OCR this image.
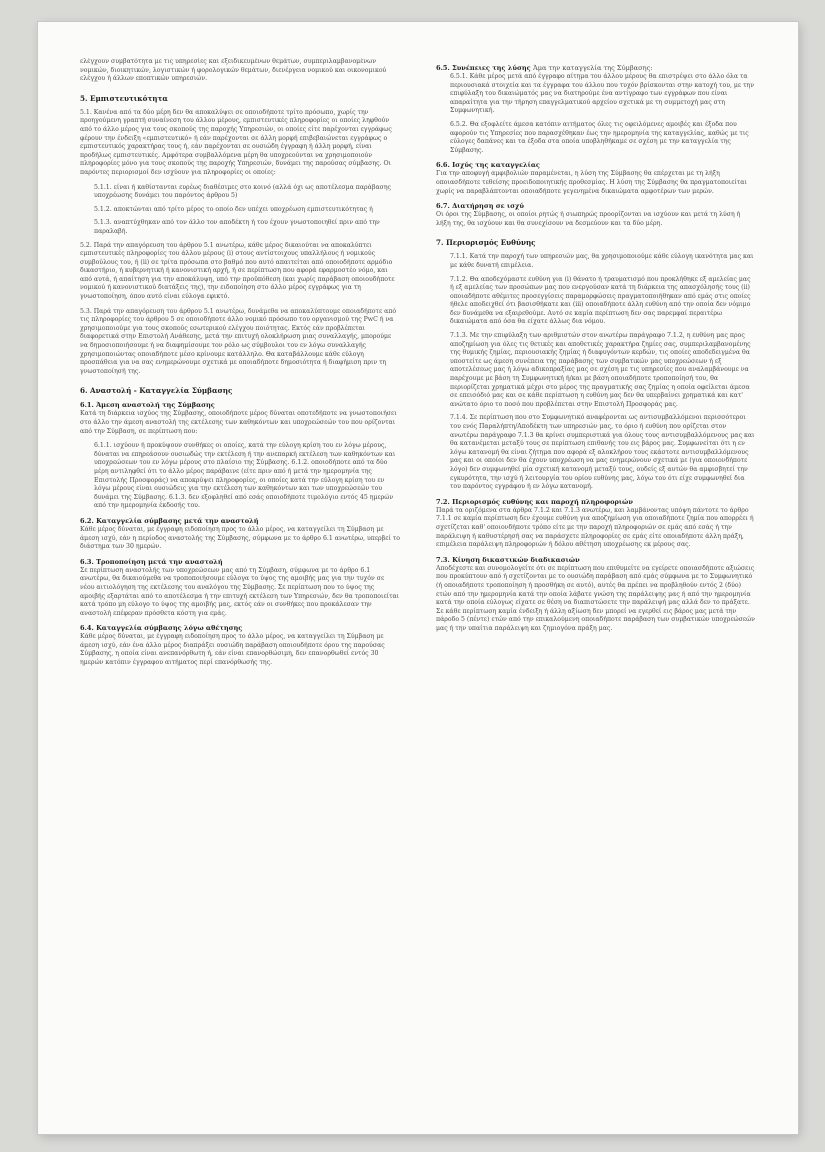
ελέγχουν συμβατότητα με τις υπηρεσίες και εξειδικευμένων θεμάτων, συμπεριλαμβανομένων νομικών, διοικητικών, λογιστικών ή φορολογικών θεμάτων, διενέργεια νομικού και οικονομικού ελέγχου ή άλλων εποπτικών υπηρεσιών.

5. Εμπιστευτικότητα

5.1. Κανένα από τα δύο μέρη δεν θα αποκαλύψει σε οποιοδήποτε τρίτο πρόσωπο, χωρίς την προηγούμενη γραπτή συναίνεση του άλλου μέρους, εμπιστευτικές πληροφορίες οι οποίες ληφθούν από το άλλο μέρος για τους σκοπούς της παροχής Υπηρεσιών, οι οποίες είτε παρέχονται εγγράφως φέρουν την ένδειξη «εμπιστευτικό» ή εάν παρέχονται σε άλλη μορφή επιβεβαιώνεται εγγράφως ο εμπιστευτικός χαρακτήρας τους ή, εάν παρέχονται σε ουσιώδη έγγραφη ή άλλη μορφή, είναι προδήλως εμπιστευτικές. Αμφότερα συμβαλλόμενα μέρη θα υποχρεούνται να χρησιμοποιούν πληροφορίες μόνο για τους σκοπούς της παροχής Υπηρεσιών, δυνάμει της παρούσας σύμβασης. Οι παρόντες περιορισμοί δεν ισχύουν για πληροφορίες οι οποίες:

5.1.1. είναι ή καθίστανται ευρέως διαθέσιμες στο κοινό (αλλά όχι ως αποτέλεσμα παράβασης υποχρέωσης δυνάμει του παρόντος άρθρου 5)

5.1.2. αποκτώνται από τρίτο μέρος το οποίο δεν υπέχει υποχρέωση εμπιστευτικότητας ή

5.1.3. αναπτύχθηκαν από τον άλλο τον αποδέκτη ή του έχουν γνωστοποιηθεί πριν από την παραλαβή.

5.2. Παρά την απαγόρευση του άρθρου 5.1 ανωτέρω, κάθε μέρος δικαιούται να αποκαλύπτει εμπιστευτικές πληροφορίες του άλλου μέρους (i) στους αντίστοιχους υπαλλήλους ή νομικούς συμβούλους του, ή (ii) σε τρίτα πρόσωπα στο βαθμό που αυτό απαιτείται από οποιοδήποτε αρμόδιο δικαστήριο, ή κυβερνητική ή κανονιστική αρχή, ή σε περίπτωση που αφορά εφαρμοστέο νόμο, και από αυτά, ή απαίτηση για την αποκάλυψη, υπό την προϋπόθεση (και χωρίς παράβαση οποιουδήποτε νομικού ή κανονιστικού διατάξεις της), την ειδοποίηση στο άλλο μέρος εγγράφως για τη γνωστοποίηση, όπου αυτό είναι εύλογα εφικτό.

5.3. Παρά την απαγόρευση του άρθρου 5.1 ανωτέρω, δυνάμεθα να αποκαλύπτουμε οποιαδήποτε από τις πληροφορίες του άρθρου 5 σε οποιοδήποτε άλλο νομικό πρόσωπο του οργανισμού της PwC ή να χρησιμοποιούμε για τους σκοπούς εσωτερικού ελέγχου ποιότητας. Εκτός εάν προβλέπεται διαφορετικά στην Επιστολή Ανάθεσης, μετά την επιτυχή ολοκλήρωση μιας συναλλαγής, μπορούμε να δημοσιοποιήσουμε ή να διαφημίσουμε τον ρόλο ως σύμβουλοι του εν λόγω συναλλαγής χρησιμοποιώντας οποιαδήποτε μέσο κρίνουμε κατάλληλο. Θα καταβάλλουμε κάθε εύλογη προσπάθεια για να σας ενημερώνουμε σχετικά με οποιαδήποτε δημοσιότητα ή διαφήμιση πριν τη γνωστοποίησή της.

6. Αναστολή - Καταγγελία Σύμβασης
6.1. Άμεση αναστολή της Σύμβασης

Κατά τη διάρκεια ισχύος της Σύμβασης, οποιοδήποτε μέρος δύναται οποτεδήποτε να γνωστοποιήσει στο άλλο την άμεση αναστολή της εκτέλεσης των καθηκόντων και υποχρεώσεών του που ορίζονται από την Σύμβαση, σε περίπτωση που:

6.1.1. ισχύουν ή προκύψουν συνθήκες οι οποίες, κατά την εύλογη κρίση του εν λόγω μέρους, δύναται να επηρεάσουν ουσιωδώς την εκτέλεση ή την ανεπαρκή εκτέλεση των καθηκόντων και υποχρεώσεων του εν λόγω μέρους στο πλαίσιο της Σύμβασης. 6.1.2. οποιοδήποτε από τα δύο μέρη αντιληφθεί ότι το άλλο μέρος παράβαινε (είτε πριν από ή μετά την ημερομηνία της Επιστολής Προσφοράς) να αποκρύψει πληροφορίες, οι οποίες κατά την εύλογη κρίση του εν λόγω μέρους είναι ουσιώδεις για την εκτέλεση των καθηκόντων και των υποχρεώσεών του δυνάμει της Σύμβασης. 6.1.3. δεν εξοφληθεί από εσάς οποιοδήποτε τιμολόγιο εντός 45 ημερών από την ημερομηνία έκδοσής του.

6.2. Καταγγελία σύμβασης μετά την αναστολή

Κάθε μέρος δύναται, με έγγραφη ειδοποίηση προς το άλλο μέρος, να καταγγείλει τη Σύμβαση με άμεση ισχύ, εάν η περίοδος αναστολής της Σύμβασης, σύμφωνα με το άρθρο 6.1 ανωτέρω, υπερβεί το διάστημα των 30 ημερών.

6.3. Τροποποίηση μετά την αναστολή

Σε περίπτωση αναστολής των υποχρεώσεων μας από τη Σύμβαση, σύμφωνα με το άρθρο 6.1 ανωτέρω, θα δικαιούμεθα να τροποποιήσουμε εύλογα το ύψος της αμοιβής μας για την τυχόν σε νέου αιτιολόγηση της εκτέλεσης του αναλόγου της Σύμβασης. Σε περίπτωση που το ύψος της αμοιβής εξαρτάται από το αποτέλεσμα ή την επιτυχή εκτέλεση των Υπηρεσιών, δεν θα τροποποιείται κατά τρόπο μη εύλογο το ύψος της αμοιβής μας, εκτός εάν οι συνθήκες που προκάλεσαν την αναστολή επέφεραν πρόσθετα κόστη για εμάς.

6.4. Καταγγελία σύμβασης λόγω αθέτησης

Κάθε μέρος δύναται, με έγγραφη ειδοποίηση προς το άλλο μέρος, να καταγγείλει τη Σύμβαση με άμεση ισχύ, εάν ένα άλλο μέρος διαπράξει ουσιώδη παράβαση οποιουδήποτε όρου της παρούσας Σύμβασης, η οποία είναι ανεπανόρθωτη ή, εάν είναι επανορθώσιμη, δεν επανορθωθεί εντός 30 ημερών κατόπιν έγγραφου αιτήματος περί επανόρθωσής της.

6.5. Συνέπειες της λύσης Άμα την καταγγελία της Σύμβασης:

6.5.1. Κάθε μέρος μετά από έγγραφο αίτημα του άλλου μέρους θα επιστρέψει στο άλλο όλα τα περιουσιακά στοιχεία και τα έγγραφα του άλλου που τυχόν βρίσκονται στην κατοχή του, με την επιφύλαξη του δικαιώματός μας να διατηρούμε ένα αντίγραφο των εγγράφων που είναι απαραίτητα για την τήρηση επαγγελματικού αρχείου σχετικά με τη συμμετοχή μας στη Συμφωνητική.

6.5.2. Θα εξοφλείτε άμεσα κατόπιν αιτήματος όλες τις οφειλόμενες αμοιβές και έξοδα που αφορούν τις Υπηρεσίες που παρασχέθηκαν έως την ημερομηνία της καταγγελίας, καθώς με τις εύλογες δαπάνες και τα έξοδα στα οποία υποβληθήκαμε σε σχέση με την καταγγελία της Σύμβασης.

6.6. Ισχύς της καταγγελίας

Για την αποφυγή αμφιβολιών παραμένεται, η λύση της Σύμβασης θα επέρχεται με τη λήξη οποιασδήποτε τεθείσης προειδοποιητικής προθεσμίας. Η λύση της Σύμβασης θα πραγματοποιείται χωρίς να παραβλάπτονται οποιαδήποτε γεγενημένα δικαιώματα αμφοτέρων των μερών.

6.7. Διατήρηση σε ισχύ

Οι όροι της Σύμβασης, οι οποίοι ρητώς ή σιωπηρώς προορίζονται να ισχύουν και μετά τη λύση ή λήξη της, θα ισχύουν και θα συνεχίσουν να δεσμεύουν και τα δύο μέρη.

7. Περιορισμός Ευθύνης

7.1.1. Κατά την παροχή των υπηρεσιών μας, θα χρησιμοποιούμε κάθε εύλογη ικανότητα μας και με κάθε δυνατή επιμέλεια.

7.1.2. Θα αποδεχόμαστε ευθύνη για (i) θάνατο ή τραυματισμό που προκλήθηκε εξ αμελείας μας ή εξ αμελείας των προσώπων μας που ενεργούσαν κατά τη διάρκεια της απασχόλησής τους (ii) οποιαδήποτε αθέμιτες προσεγγίσεις παραμορφώσεις πραγματοποιήθηκαν από εμάς στις οποίες ήθελε αποδειχθεί ότι βασισθήκατε και (iii) οποιαδήποτε άλλη ευθύνη από την οποία δεν νόμιμο δεν δυνάμεθα να εξαιρεθούμε. Αυτό σε καμία περίπτωση δεν σας παρεμφαί περαιτέρω δικαιώματα από όσα θα είχατε άλλως δια νόμου.

7.1.3. Με την επιφύλαξη των αριθμιστών στον ανωτέρω παράγραφο 7.1.2, η ευθύνη μας προς αποζημίωση για όλες τις θετικές και αποθετικές χαρακτήρα ζημίες σας, συμπεριλαμβανομένης της θυμικής ζημίας, περιουσιακής ζημίας ή διαφυγόντων κερδών, τις οποίες αποδεδειγμένα θα υποστείτε ως άμεση συνέπεια της παράβασης των συμβατικών μας υποχρεώσεων ή εξ αποτελέσεως μας ή λόγω αδικοπραξίας μας σε σχέση με τις υπηρεσίες που αναλαμβάνουμε να παρέχουμε με βάση τη Συμφωνητική ή/και με βάση οποιαδήποτε τροποποίησή του, θα περιορίζεται χρηματικά μέχρι στο μέρος της πραγματικής σας ζημίας η οποία οφείλεται άμεσα σε επεισόδιό μας και σε κάθε περίπτωση η ευθύνη μας δεν θα υπερβαίνει χρηματικά και κατ' ανώτατο όριο το ποσό που προβλέπεται στην Επιστολή Προσφοράς μας.

7.1.4. Σε περίπτωση που στο Συμφωνητικό αναφέρονται ως αντισυμβαλλόμενοι περισσότεροι του ενός Παραλήπτη/Αποδέκτη των υπηρεσιών μας, το όριο ή ευθύνη που ορίζεται στον ανωτέρω παράγραφο 7.1.3 θα κρίνει συμπεριστικά για όλους τους αντισυμβαλλόμενους μας και θα κατανέμεται μεταξύ τους σε περίπτωση επιθανής του εις βάρος μας. Συμφωνείται ότι η εν λόγω κατανομή θα είναι ζήτημα που αφορά εξ αλοκλήρου τους εκάστοτε αντισυμβαλλόμενους μας και οι οποίοι δεν θα έχουν υποχρέωση να μας ενημερώνουν σχετικά με (για οποιονδήποτε λόγο) δεν συμφωνηθεί μία σχετική κατανομή μεταξύ τους, ουδείς εξ αυτών θα αμφισβητεί την εγκυρότητα, την ισχύ ή λειτουργία του ορίου ευθύνης μας, λόγω του ότι είχε συμφωνηθεί δια του παρόντος εγγράφου ή εν λόγω κατανομή.

7.2. Περιορισμός ευθύνης και παροχή πληροφοριών

Παρά τα οριζόμενα στα άρθρα 7.1.2 και 7.1.3 ανωτέρω, και λαμβάνοντας υπόψη πάντοτε το άρθρο 7.1.1 σε καμία περίπτωση δεν έχουμε ευθύνη για αποζημίωση για οποιαδήποτε ζημία που απορρέει ή σχετίζεται καθ' οποιονδήποτε τρόπο είτε με την παροχή πληροφοριών σε εμάς από εσάς ή την παράλειψη ή καθυστέρησή σας να παράσχετε πληροφορίες σε εμάς είτε οποιαδήποτε άλλη πράξη, επιμέλεια παράλειψη πληροφοριών ή δόλου αθέτηση υποχρέωσης εκ μέρους σας.

7.3. Κίνηση δικαστικών διαδικασιών

Αποδέχεστε και συνομολογείτε ότι σε περίπτωση που επιθυμείτε να εγείρετε οποιασδήποτε αξιώσεις που προκύπτουν από ή σχετίζονται με το ουσιώδη παράβαση από εμάς σύμφωνα με το Συμφωνητικό (ή οποιαδήποτε τροποποίηση ή προσθήκη σε αυτό), αυτές θα πρέπει να προβληθούν εντός 2 (δύο) ετών από την ημερομηνία κατά την οποία λάβατε γνώση της παράλειψης μας ή από την ημερομηνία κατά την οποία εύλογως είχατε σε θέση να διαπιστώσετε την παράλειψή μας αλλά δεν το πράξατε. Σε κάθε περίπτωση καμία ένδειξη ή άλλη αξίωση δεν μπορεί να εγερθεί εις βάρος μας μετά την πάροδο 5 (πέντε) ετών από την επικαλούμενη οποιαδήποτε παράβαση των συμβατικών υποχρεώσεών μας ή την υπαίτια παράλειψη και ζημιογόνα πράξη μας.
